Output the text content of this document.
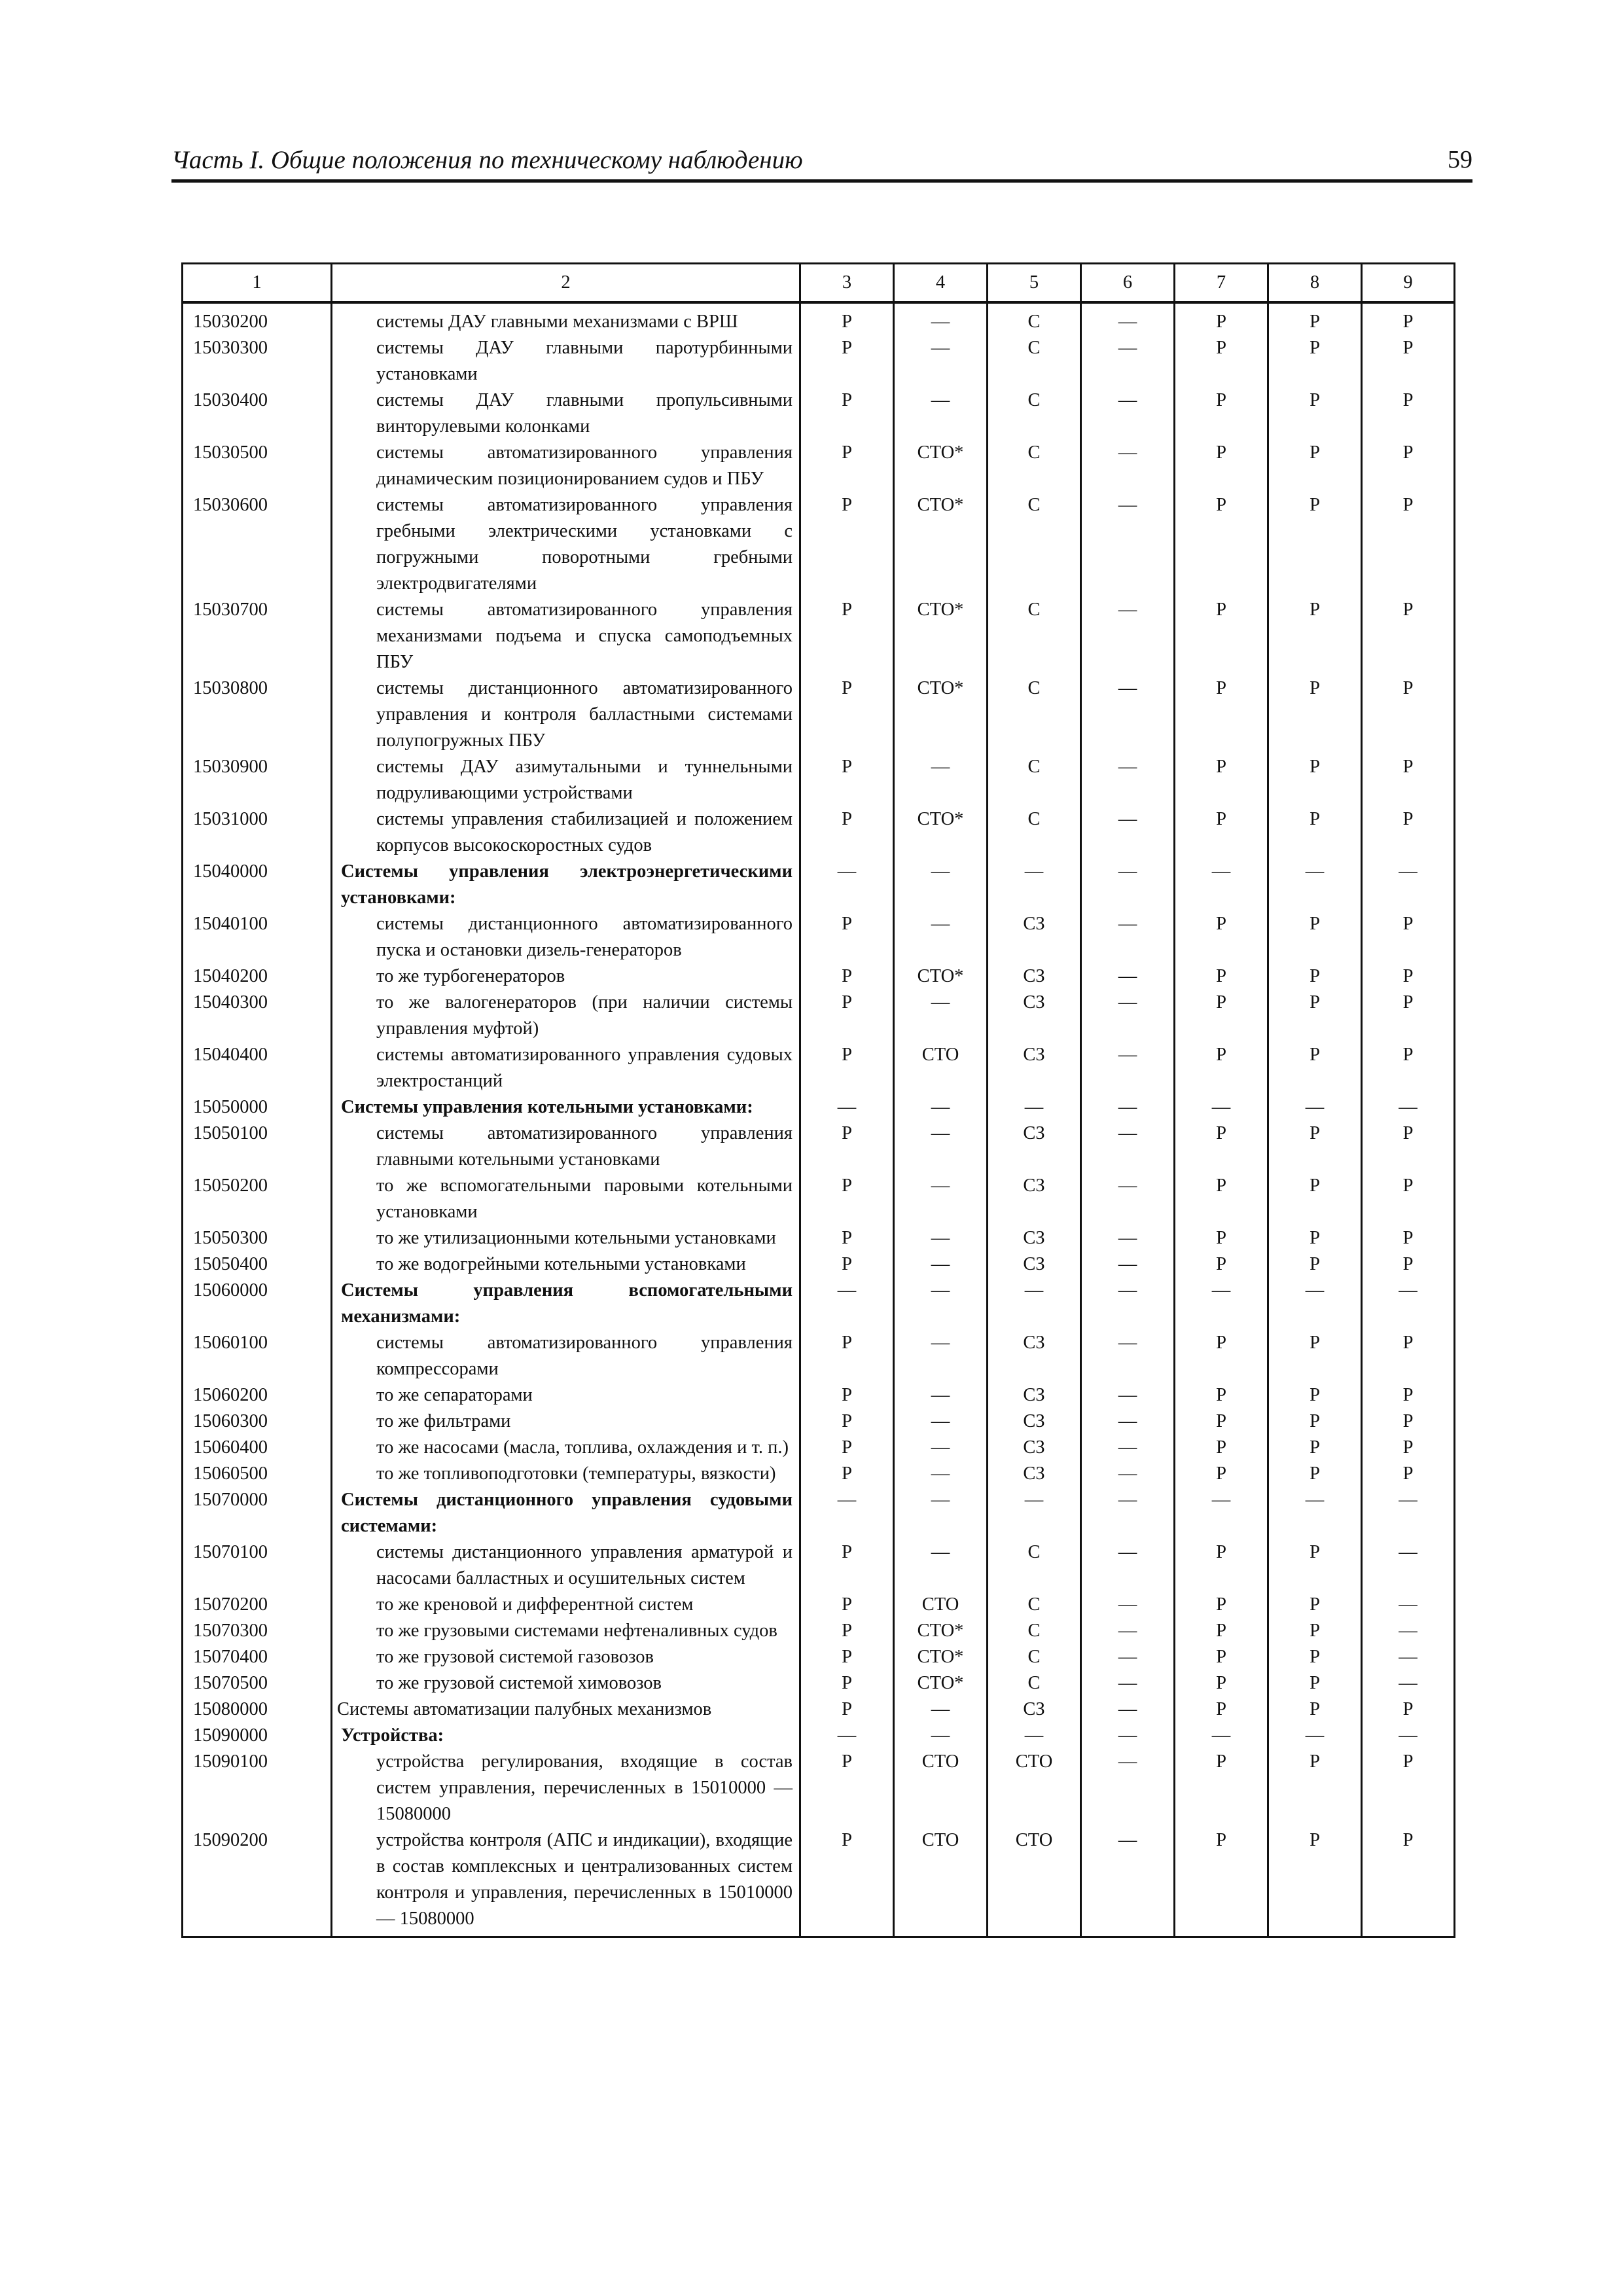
Часть I. Общие положения по техническому наблюдению	59
1	2	3	4	5	6	7	8	9
15030200	системы ДАУ главными механизмами с ВРШ	Р	—	С	—	Р	Р	Р
15030300	системы ДАУ главными паротурбинными установками	Р	—	С	—	Р	Р	Р
15030400	системы ДАУ главными пропульсивными винторулевыми колонками	Р	—	С	—	Р	Р	Р
15030500	системы автоматизированного управления динамическим позиционированием судов и ПБУ	Р	СТО*	С	—	Р	Р	Р
15030600	системы автоматизированного управления гребными электрическими установками с погружными поворотными гребными электродвигателями	Р	СТО*	С	—	Р	Р	Р
15030700	системы автоматизированного управления механизмами подъема и спуска самоподъемных ПБУ	Р	СТО*	С	—	Р	Р	Р
15030800	системы дистанционного автоматизированного управления и контроля балластными системами полупогружных ПБУ	Р	СТО*	С	—	Р	Р	Р
15030900	системы ДАУ азимутальными и туннельными подруливающими устройствами	Р	—	С	—	Р	Р	Р
15031000	системы управления стабилизацией и положением корпусов высокоскоростных судов	Р	СТО*	С	—	Р	Р	Р
15040000	Системы управления электроэнергетическими установками:	—	—	—	—	—	—	—
15040100	системы дистанционного автоматизированного пуска и остановки дизель-генераторов	Р	—	СЗ	—	Р	Р	Р
15040200	то же турбогенераторов	Р	СТО*	СЗ	—	Р	Р	Р
15040300	то же валогенераторов (при наличии системы управления муфтой)	Р	—	СЗ	—	Р	Р	Р
15040400	системы автоматизированного управления судовых электростанций	Р	СТО	СЗ	—	Р	Р	Р
15050000	Системы управления котельными установками:	—	—	—	—	—	—	—
15050100	системы автоматизированного управления главными котельными установками	Р	—	СЗ	—	Р	Р	Р
15050200	то же вспомогательными паровыми котельными установками	Р	—	СЗ	—	Р	Р	Р
15050300	то же утилизационными котельными установками	Р	—	СЗ	—	Р	Р	Р
15050400	то же водогрейными котельными установками	Р	—	СЗ	—	Р	Р	Р
15060000	Системы управления вспомогательными механизмами:	—	—	—	—	—	—	—
15060100	системы автоматизированного управления компрессорами	Р	—	СЗ	—	Р	Р	Р
15060200	то же сепараторами	Р	—	СЗ	—	Р	Р	Р
15060300	то же фильтрами	Р	—	СЗ	—	Р	Р	Р
15060400	то же насосами (масла, топлива, охлаждения и т. п.)	Р	—	СЗ	—	Р	Р	Р
15060500	то же топливоподготовки (температуры, вязкости)	Р	—	СЗ	—	Р	Р	Р
15070000	Системы дистанционного управления судовыми системами:	—	—	—	—	—	—	—
15070100	системы дистанционного управления арматурой и насосами балластных и осушительных систем	Р	—	С	—	Р	Р	—
15070200	то же креновой и дифферентной систем	Р	СТО	С	—	Р	Р	—
15070300	то же грузовыми системами нефтеналивных судов	Р	СТО*	С	—	Р	Р	—
15070400	то же грузовой системой газовозов	Р	СТО*	С	—	Р	Р	—
15070500	то же грузовой системой химовозов	Р	СТО*	С	—	Р	Р	—
15080000	Системы автоматизации палубных механизмов	Р	—	СЗ	—	Р	Р	Р
15090000	Устройства:	—	—	—	—	—	—	—
15090100	устройства регулирования, входящие в состав систем управления, перечисленных в 15010000 — 15080000	Р	СТО	СТО	—	Р	Р	Р
15090200	устройства контроля (АПС и индикации), входящие в состав комплексных и централизованных систем контроля и управления, перечисленных в 15010000 — 15080000	Р	СТО	СТО	—	Р	Р	Р
